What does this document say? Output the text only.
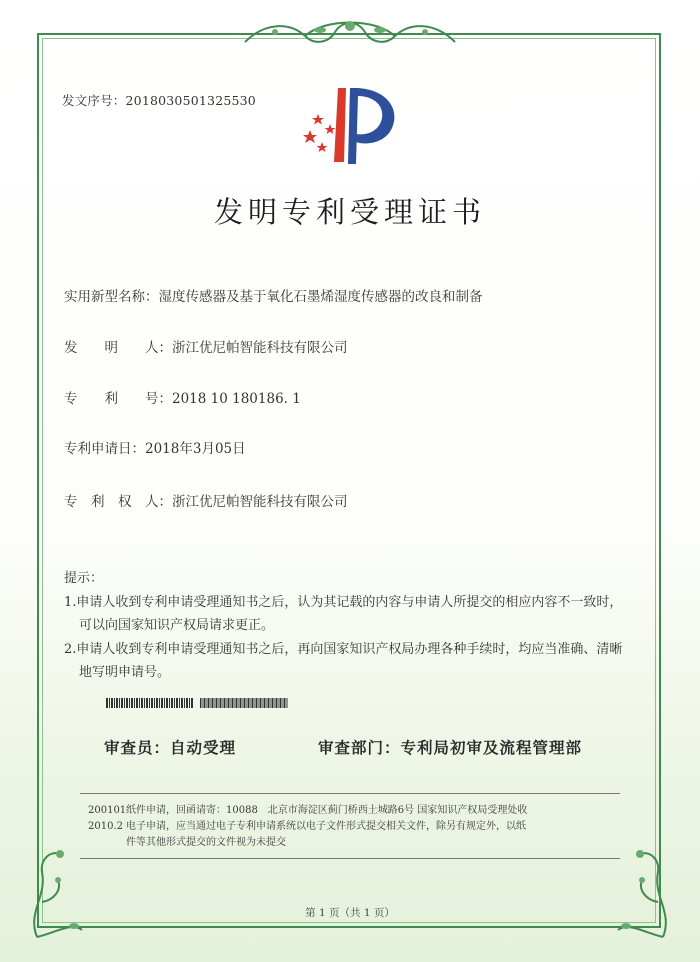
发文序号：2018030501325530
发明专利受理证书
实用新型名称：湿度传感器及基于氧化石墨烯湿度传感器的改良和制备
发　　明　　人：浙江优尼帕智能科技有限公司
专　　利　　号：2018 10 180186. 1
专利申请日：2018年3月05日
专　利　权　人：浙江优尼帕智能科技有限公司
提示：
1.申请人收到专利申请受理通知书之后，认为其记载的内容与申请人所提交的相应内容不一致时，可以向国家知识产权局请求更正。
2.申请人收到专利申请受理通知书之后，再向国家知识产权局办理各种手续时，均应当准确、清晰地写明申请号。
审查员：自动受理	审查部门：专利局初审及流程管理部
200101纸件申请，回函请寄：10088　北京市海淀区蓟门桥西土城路6号 国家知识产权局受理处收
2010.2 电子申请，应当通过电子专利申请系统以电子文件形式提交相关文件，除另有规定外，以纸
件等其他形式提交的文件视为未提交
第 1 页（共 1 页）
